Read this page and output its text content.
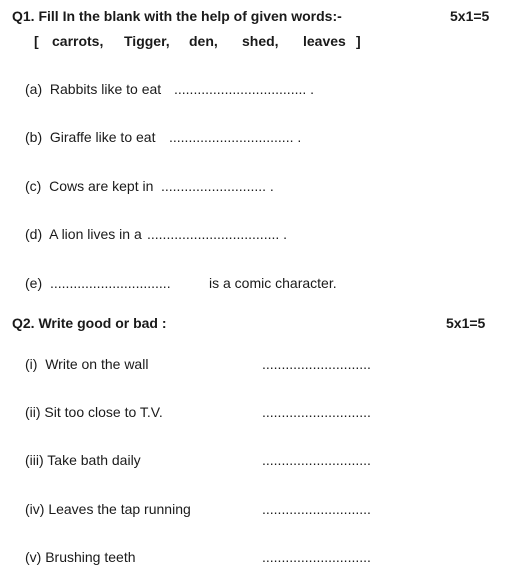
Q1. Fill In the blank with the help of given words:-	5x1=5
[ carrots, Tigger, den, shed, leaves ]
(a)  Rabbits like to eat .................................. .
(b)  Giraffe like to eat ................................ .
(c)  Cows are kept in ........................... .
(d)  A lion lives in a .................................. .
(e) ...............................	is a comic character.
Q2. Write good or bad :	5x1=5
(i)  Write on the wall	............................
(ii) Sit too close to T.V.	............................
(iii) Take bath daily	............................
(iv) Leaves the tap running	............................
(v) Brushing teeth	............................
